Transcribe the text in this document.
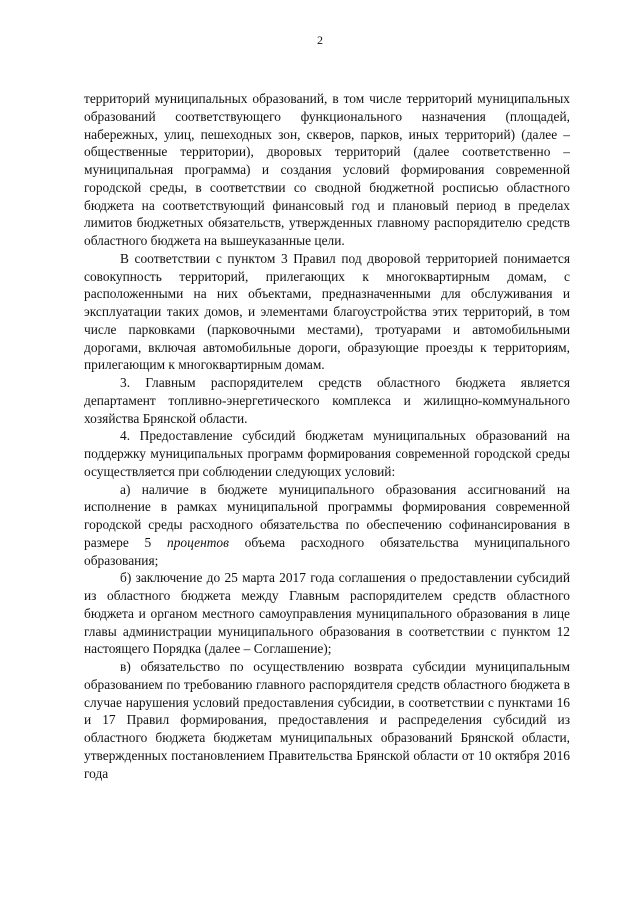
2

территорий муниципальных образований, в том числе территорий муниципальных образований соответствующего функционального назначения (площадей, набережных, улиц, пешеходных зон, скверов, парков, иных территорий) (далее – общественные территории), дворовых территорий (далее соответственно – муниципальная программа) и создания условий формирования современной городской среды, в соответствии со сводной бюджетной росписью областного бюджета на соответствующий финансовый год и плановый период в пределах лимитов бюджетных обязательств, утвержденных главному распорядителю средств областного бюджета на вышеуказанные цели.

В соответствии с пунктом 3 Правил под дворовой территорией понимается совокупность территорий, прилегающих к многоквартирным домам, с расположенными на них объектами, предназначенными для обслуживания и эксплуатации таких домов, и элементами благоустройства этих территорий, в том числе парковками (парковочными местами), тротуарами и автомобильными дорогами, включая автомобильные дороги, образующие проезды к территориям, прилегающим к многоквартирным домам.

3. Главным распорядителем средств областного бюджета является департамент топливно-энергетического комплекса и жилищно-коммунального хозяйства Брянской области.

4. Предоставление субсидий бюджетам муниципальных образований на поддержку муниципальных программ формирования современной городской среды осуществляется при соблюдении следующих условий:

а) наличие в бюджете муниципального образования ассигнований на исполнение в рамках муниципальной программы формирования современной городской среды расходного обязательства по обеспечению софинансирования в размере 5 процентов объема расходного обязательства муниципального образования;

б) заключение до 25 марта 2017 года соглашения о предоставлении субсидий из областного бюджета между Главным распорядителем средств областного бюджета и органом местного самоуправления муниципального образования в лице главы администрации муниципального образования в соответствии с пунктом 12 настоящего Порядка (далее – Соглашение);

в) обязательство по осуществлению возврата субсидии муниципальным образованием по требованию главного распорядителя средств областного бюджета в случае нарушения условий предоставления субсидии, в соответствии с пунктами 16 и 17 Правил формирования, предоставления и распределения субсидий из областного бюджета бюджетам муниципальных образований Брянской области, утвержденных постановлением Правительства Брянской области от 10 октября 2016 года
